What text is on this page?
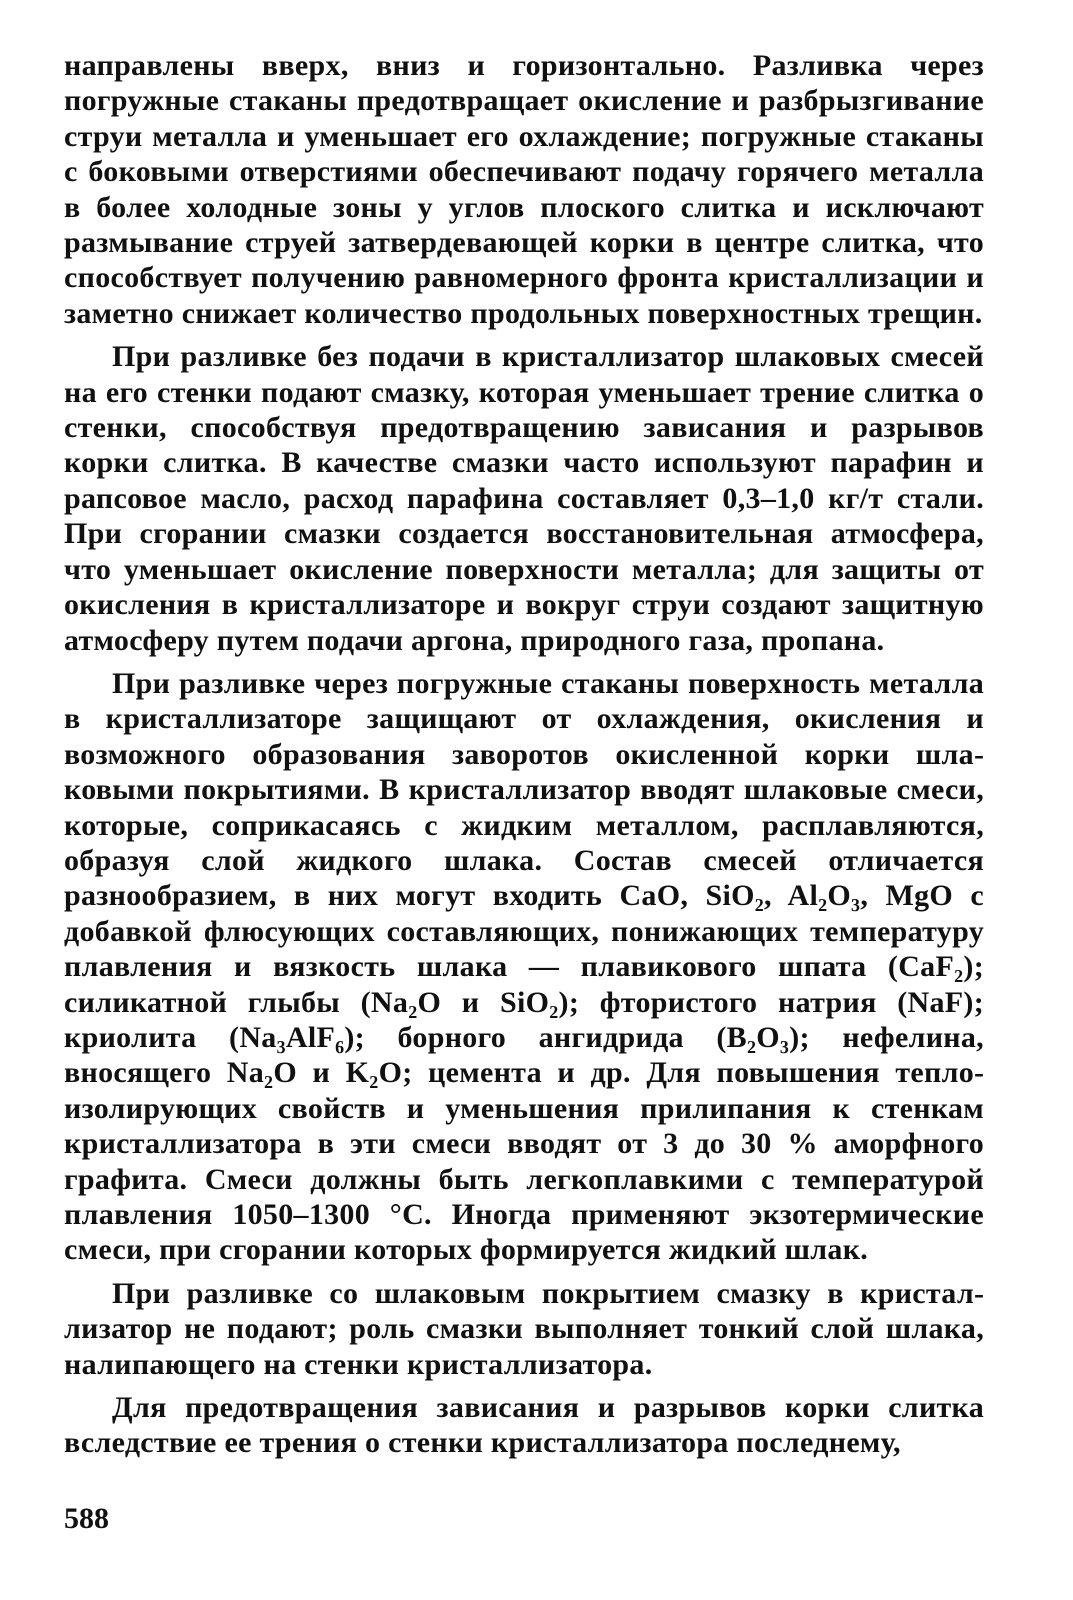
направлены вверх, вниз и горизонтально. Разливка через погружные стаканы предотвращает окисление и разбрызгивание струи металла и уменьшает его охлаждение; погружные стаканы с боковыми отверстиями обеспечивают подачу горячего металла в более холодные зоны у углов плоского слитка и исключают размывание струей затвердевающей корки в центре слитка, что способствует получению равномерного фронта кристаллизации и заметно снижает количество продольных поверхностных трещин.

При разливке без подачи в кристаллизатор шлаковых смесей на его стенки подают смазку, которая уменьшает трение слитка о стенки, способствуя предотвращению зависания и разрывов корки слитка. В качестве смазки часто используют парафин и рапсовое масло, расход парафина составляет 0,3–1,0 кг/т стали. При сгорании смазки создается восстановительная атмосфера, что уменьшает окисление поверхности металла; для защиты от окисления в кристаллизаторе и вокруг струи создают защитную атмосферу путем подачи аргона, природного газа, пропана.

При разливке через погружные стаканы поверхность металла в кристаллизаторе защищают от охлаждения, окисления и возможного образования заворотов окисленной корки шлаковыми покрытиями. В кристаллизатор вводят шлаковые смеси, которые, соприкасаясь с жидким металлом, расплавляются, образуя слой жидкого шлака. Состав смесей отличается разнообразием, в них могут входить CaO, SiO₂, Al₂O₃, MgO с добавкой флюсующих составляющих, понижающих температуру плавления и вязкость шлака — плавикового шпата (CaF₂); силикатной глыбы (Na₂O и SiO₂); фтористого натрия (NaF); криолита (Na₃AlF₆); борного ангидрида (B₂O₃); нефелина, вносящего Na₂O и K₂O; цемента и др. Для повышения теплоизолирующих свойств и уменьшения прилипания к стенкам кристаллизатора в эти смеси вводят от 3 до 30 % аморфного графита. Смеси должны быть легкоплавкими с температурой плавления 1050–1300 °С. Иногда применяют экзотермические смеси, при сгорании которых формируется жидкий шлак.

При разливке со шлаковым покрытием смазку в кристаллизатор не подают; роль смазки выполняет тонкий слой шлака, налипающего на стенки кристаллизатора.

Для предотвращения зависания и разрывов корки слитка вследствие ее трения о стенки кристаллизатора последнему,

588
